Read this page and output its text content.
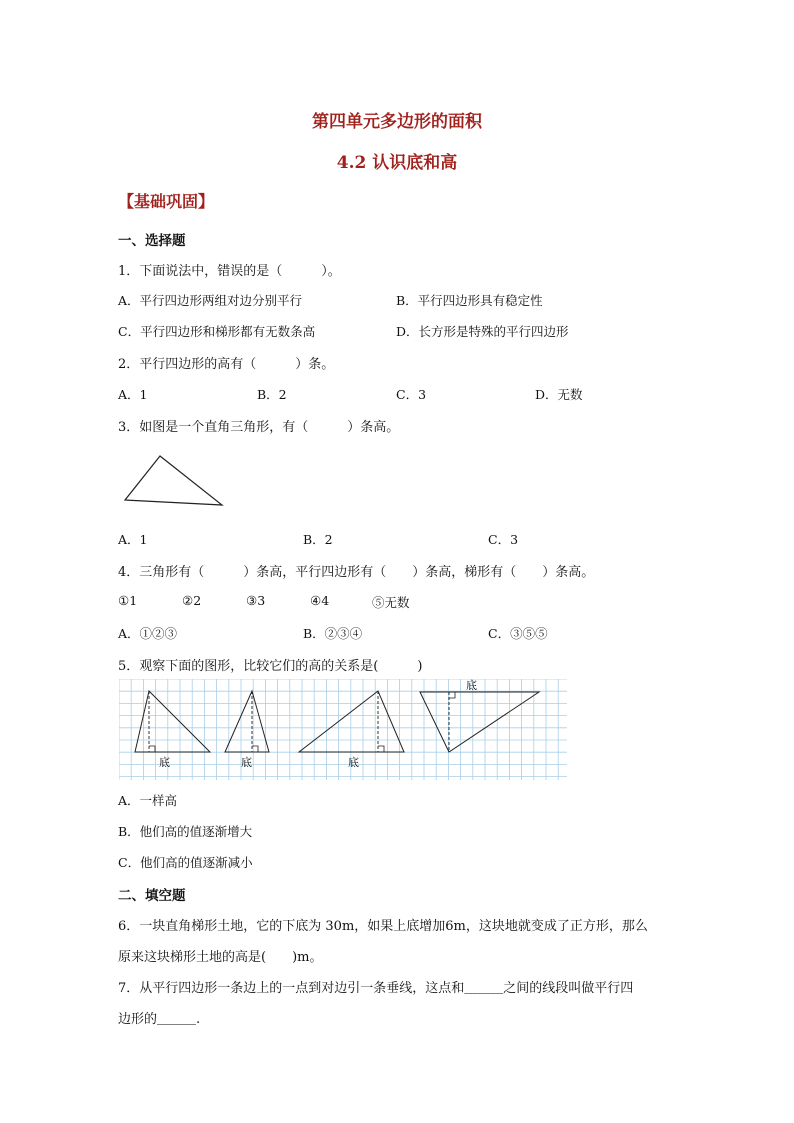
第四单元多边形的面积
4.2 认识底和高
【基础巩固】
一、选择题
1．下面说法中，错误的是（　　　）。
A．平行四边形两组对边分别平行	B．平行四边形具有稳定性
C．平行四边形和梯形都有无数条高	D．长方形是特殊的平行四边形
2．平行四边形的高有（　　　）条。
A．1	B．2	C．3	D．无数
3．如图是一个直角三角形，有（　　　）条高。
A．1	B．2	C．3
4．三角形有（　　　）条高，平行四边形有（　　）条高，梯形有（　　）条高。
①1	②2	③3	④4	⑤无数
A．①②③	B．②③④	C．③⑤⑤
5．观察下面的图形，比较它们的高的关系是(　　　)
底	底	底
底
A．一样高
B．他们高的值逐渐增大
C．他们高的值逐渐减小
二、填空题
6．一块直角梯形土地，它的下底为 30m，如果上底增加6m，这块地就变成了正方形，那么
原来这块梯形土地的高是(　　)m。
7．从平行四边形一条边上的一点到对边引一条垂线，这点和＿＿＿之间的线段叫做平行四
边形的＿＿＿.
